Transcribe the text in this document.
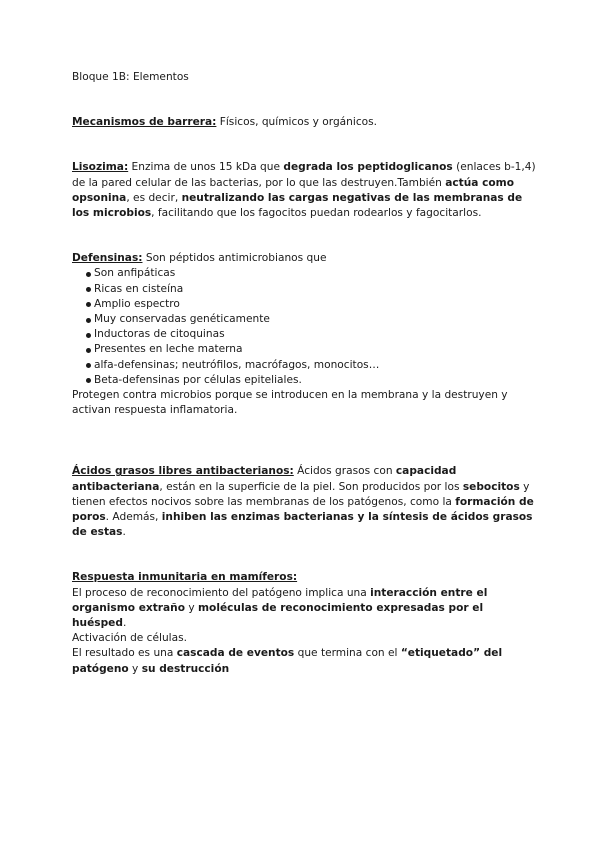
Bloque 1B: Elementos

Mecanismos de barrera: Físicos, químicos y orgánicos.

Lisozima: Enzima de unos 15 kDa que degrada los peptidoglicanos (enlaces b-1,4) de la pared celular de las bacterias, por lo que las destruyen.También actúa como opsonina, es decir, neutralizando las cargas negativas de las membranas de los microbios, facilitando que los fagocitos puedan rodearlos y fagocitarlos.

Defensinas: Son péptidos antimicrobianos que

Son anfipáticas
Ricas en cisteína
Amplio espectro
Muy conservadas genéticamente
Inductoras de citoquinas
Presentes en leche materna
alfa-defensinas; neutrófilos, macrófagos, monocitos…
Beta-defensinas por células epiteliales.

Protegen contra microbios porque se introducen en la membrana y la destruyen y activan respuesta inflamatoria.

Ácidos grasos libres antibacterianos: Ácidos grasos con capacidad antibacteriana, están en la superficie de la piel. Son producidos por los sebocitos y tienen efectos nocivos sobre las membranas de los patógenos, como la formación de poros. Además, inhiben las enzimas bacterianas y la síntesis de ácidos grasos de estas.

Respuesta inmunitaria en mamíferos:

El proceso de reconocimiento del patógeno implica una interacción entre el organismo extraño y moléculas de reconocimiento expresadas por el huésped.

Activación de células.

El resultado es una cascada de eventos que termina con el “etiquetado” del patógeno y su destrucción
